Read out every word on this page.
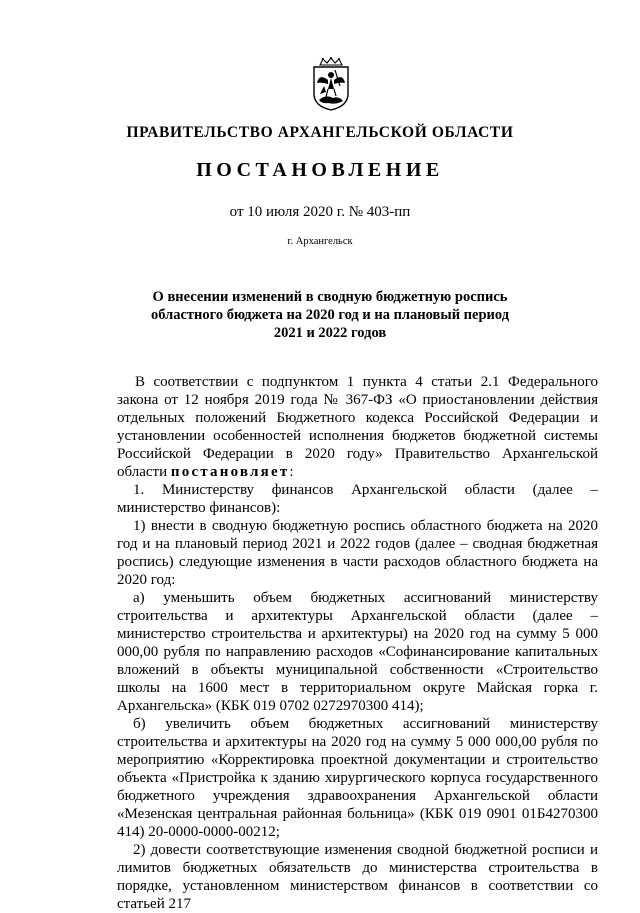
ПРАВИТЕЛЬСТВО АРХАНГЕЛЬСКОЙ ОБЛАСТИ
ПОСТАНОВЛЕНИЕ
от 10 июля 2020 г. № 403-пп
г. Архангельск
О внесении изменений в сводную бюджетную роспись
областного бюджета на 2020 год и на плановый период
2021 и 2022 годов

В соответствии с подпунктом 1 пункта 4 статьи 2.1 Федерального закона от 12 ноября 2019 года № 367-ФЗ «О приостановлении действия отдельных положений Бюджетного кодекса Российской Федерации и установлении особенностей исполнения бюджетов бюджетной системы Российской Федерации в 2020 году» Правительство Архангельской области постановляет:

1. Министерству финансов Архангельской области (далее – министерство финансов):

1) внести в сводную бюджетную роспись областного бюджета на 2020 год и на плановый период 2021 и 2022 годов (далее – сводная бюджетная роспись) следующие изменения в части расходов областного бюджета на 2020 год:

а) уменьшить объем бюджетных ассигнований министерству строительства и архитектуры Архангельской области (далее – министерство строительства и архитектуры) на 2020 год на сумму 5 000 000,00 рубля по направлению расходов «Софинансирование капитальных вложений в объекты муниципальной собственности «Строительство школы на 1600 мест в территориальном округе Майская горка г. Архангельска» (КБК 019 0702 0272970300 414);

б) увеличить объем бюджетных ассигнований министерству строительства и архитектуры на 2020 год на сумму 5 000 000,00 рубля по мероприятию «Корректировка проектной документации и строительство объекта «Пристройка к зданию хирургического корпуса государственного бюджетного учреждения здравоохранения Архангельской области «Мезенская центральная районная больница» (КБК 019 0901 01Б4270300 414) 20-0000-0000-00212;

2) довести соответствующие изменения сводной бюджетной росписи и лимитов бюджетных обязательств до министерства строительства в порядке, установленном министерством финансов в соответствии со статьей 217
